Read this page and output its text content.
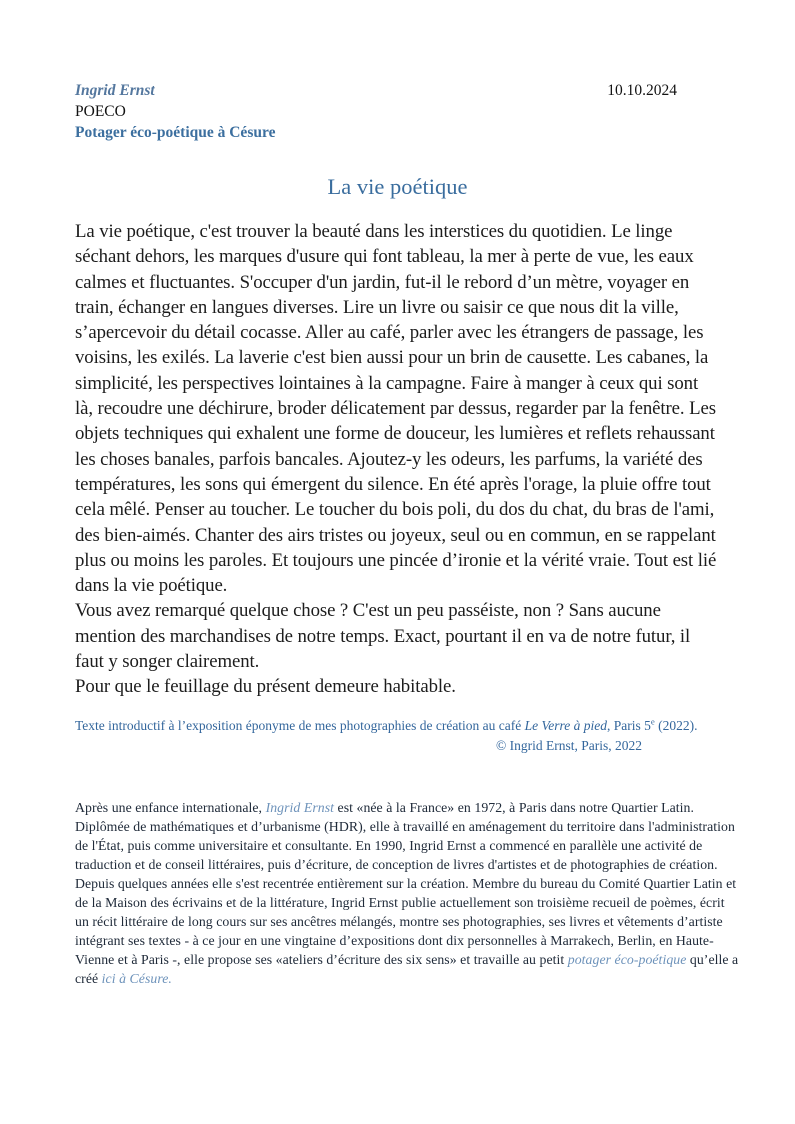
Ingrid Ernst
POECO
Potager éco-poétique à Césure
10.10.2024
La vie poétique

La vie poétique, c'est trouver la beauté dans les interstices du quotidien. Le linge séchant dehors, les marques d'usure qui font tableau, la mer à perte de vue, les eaux calmes et fluctuantes. S'occuper d'un jardin, fut-il le rebord d’un mètre, voyager en train, échanger en langues diverses. Lire un livre ou saisir ce que nous dit la ville, s’apercevoir du détail cocasse. Aller au café, parler avec les étrangers de passage, les voisins, les exilés. La laverie c'est bien aussi pour un brin de causette. Les cabanes, la simplicité, les perspectives lointaines à la campagne. Faire à manger à ceux qui sont là, recoudre une déchirure, broder délicatement par dessus, regarder par la fenêtre. Les objets techniques qui exhalent une forme de douceur, les lumières et reflets rehaussant les choses banales, parfois bancales. Ajoutez-y les odeurs, les parfums, la variété des températures, les sons qui émergent du silence. En été après l'orage, la pluie offre tout cela mêlé. Penser au toucher. Le toucher du bois poli, du dos du chat, du bras de l'ami, des bien-aimés. Chanter des airs tristes ou joyeux, seul ou en commun, en se rappelant plus ou moins les paroles. Et toujours une pincée d’ironie et la vérité vraie. Tout est lié dans la vie poétique.

Vous avez remarqué quelque chose ? C'est un peu passéiste, non ? Sans aucune mention des marchandises de notre temps. Exact, pourtant il en va de notre futur, il faut y songer clairement.

Pour que le feuillage du présent demeure habitable.

Texte introductif à l’exposition éponyme de mes photographies de création au café Le Verre à pied, Paris 5e (2022).
© Ingrid Ernst, Paris, 2022
Après une enfance internationale, Ingrid Ernst est «née à la France» en 1972, à Paris dans notre Quartier Latin. Diplômée de mathématiques et d’urbanisme (HDR), elle à travaillé en aménagement du territoire dans l'administration de l'État, puis comme universitaire et consultante. En 1990, Ingrid Ernst a commencé en parallèle une activité de traduction et de conseil littéraires, puis d’écriture, de conception de livres d'artistes et de photographies de création. Depuis quelques années elle s'est recentrée entièrement sur la création. Membre du bureau du Comité Quartier Latin et de la Maison des écrivains et de la littérature, Ingrid Ernst publie actuellement son troisième recueil de poèmes, écrit un récit littéraire de long cours sur ses ancêtres mélangés, montre ses photographies, ses livres et vêtements d’artiste intégrant ses textes - à ce jour en une vingtaine d’expositions dont dix personnelles à Marrakech, Berlin, en Haute-Vienne et à Paris -, elle propose ses «ateliers d’écriture des six sens» et travaille au petit potager éco-poétique qu’elle a créé ici à Césure.
